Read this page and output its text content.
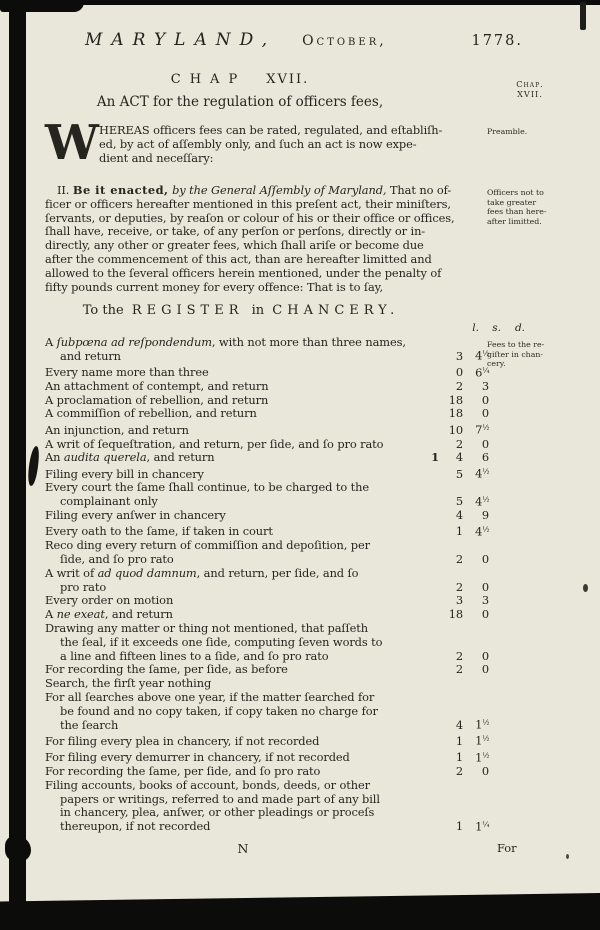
MARYLAND, October,	1778.
CHAP XVII.
An ACT for the regulation of officers fees,
Chap.
XVII.
Preamble.
Officers not to
take greater
fees than here-
after limitted.
Fees to the re-
giſter in chan-
cery.
W HEREAS officers fees can be rated, regulated, and eſtabliſh-
ed, by act of aſſembly only, and ſuch an act is now expe-
dient and neceſſary:
II. Be it enacted, by the General Aſſembly of Maryland, That no of-
ficer or officers hereafter mentioned in this preſent act, their miniſters,
ſervants, or deputies, by reaſon or colour of his or their office or offices,
ſhall have, receive, or take, of any perſon or perſons, directly or in-
directly, any other or greater fees, which ſhall ariſe or become due
after the commencement of this act, than are hereafter limitted and
allowed to the ſeveral officers herein mentioned, under the penalty of
fifty pounds current money for every offence: That is to ſay,
To the REGISTER in CHANCERY.
l.	s.	d.
A ſubpœna ad reſpondendum, with not more than three names,
and return	3	$4^{\frac{1}{2}}$
Every name more than three	0	$6^{\frac{1}{4}}$
An attachment of contempt, and return	2	3
A proclamation of rebellion, and return	18	0
A commiſſion of rebellion, and return	18	0
An injunction, and return	10	$7^{\frac{1}{2}}$
A writ of ſequeſtration, and return, per ſide, and ſo pro rato	2	0
An audita querela, and return	1	4	6
Filing every bill in chancery	5	$4^{\frac{1}{2}}$
Every court the ſame ſhall continue, to be charged to the
complainant only	5	$4^{\frac{1}{2}}$
Filing every anſwer in chancery	4	9
Every oath to the ſame, if taken in court	1	$4^{\frac{1}{2}}$
Reco ding every return of commiſſion and depoſition, per
ſide, and ſo pro rato	2	0
A writ of ad quod damnum, and return, per ſide, and ſo
pro rato	2	0
Every order on motion	3	3
A ne exeat, and return	18	0
Drawing any matter or thing not mentioned, that paſſeth
the ſeal, if it exceeds one ſide, computing ſeven words to
a line and fifteen lines to a ſide, and ſo pro rato	2	0
For recording the ſame, per ſide, as before	2	0
Search, the firſt year nothing
For all ſearches above one year, if the matter ſearched for
be found and no copy taken, if copy taken no charge for
the ſearch	4	$1^{\frac{1}{2}}$
For filing every plea in chancery, if not recorded	1	$1^{\frac{1}{2}}$
For filing every demurrer in chancery, if not recorded	1	$1^{\frac{1}{2}}$
For recording the ſame, per ſide, and ſo pro rato	2	0
Filing accounts, books of account, bonds, deeds, or other
papers or writings, referred to and made part of any bill
in chancery, plea, anſwer, or other pleadings or proceſs
thereupon, if not recorded	1	$1^{\frac{1}{4}}$
N	For
